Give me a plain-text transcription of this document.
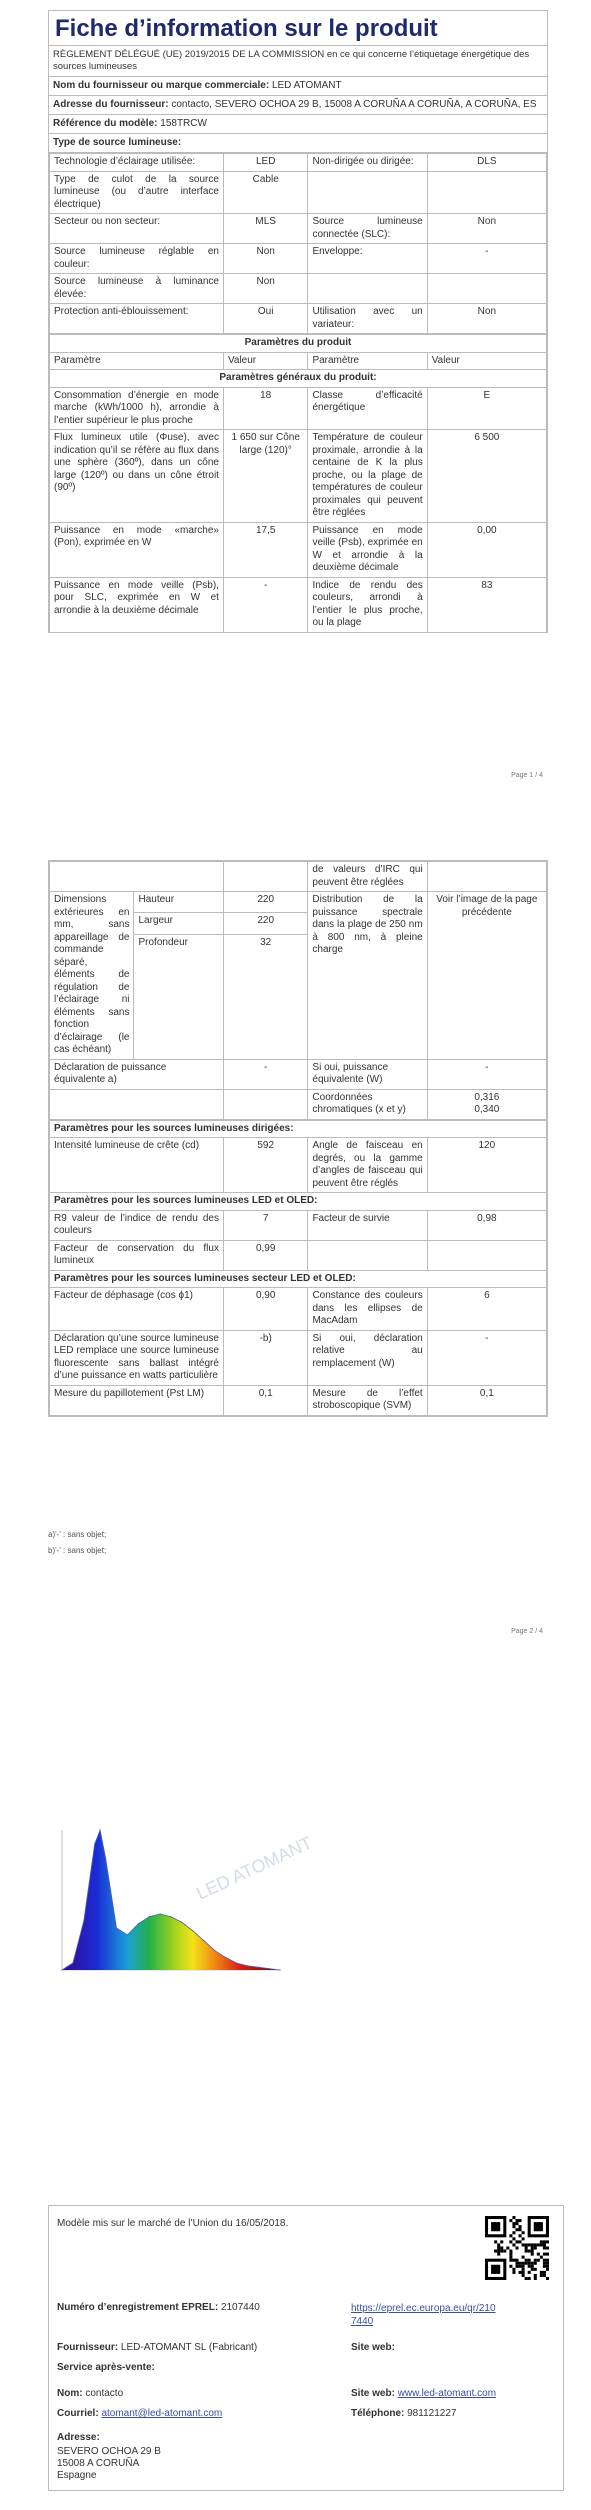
Fiche d’information sur le produit
RÈGLEMENT DÉLÉGUÉ (UE) 2019/2015 DE LA COMMISSION en ce qui concerne l’étiquetage énergétique des sources lumineuses
Nom du fournisseur ou marque commerciale: LED ATOMANT
Adresse du fournisseur: contacto, SEVERO OCHOA 29 B, 15008 A CORUÑA A CORUÑA, A CORUÑA, ES
Référence du modèle: 158TRCW
Type de source lumineuse:
Technologie d’éclairage utilisée:	LED	Non-dirigée ou dirigée:	DLS
Type de culot de la source lumineuse (ou d’autre interface électrique)	Cable		
Secteur ou non secteur:	MLS	Source lumineuse connectée (SLC):	Non
Source lumineuse réglable en couleur:	Non	Enveloppe:	-
Source lumineuse à luminance élevée:	Non		
Protection anti-éblouissement:	Oui	Utilisation avec un variateur:	Non
Paramètres du produit			
Paramètre	Valeur	Paramètre	Valeur
Paramètres généraux du produit:			
Consommation d’énergie en mode marche (kWh/1000 h), arrondie à l’entier supérieur le plus proche	18	Classe d’efficacité énergétique	E
Flux lumineux utile (Φuse), avec indication qu’il se réfère au flux dans une sphère (360º), dans un cône large (120º) ou dans un cône étroit (90º)	1 650 sur Cône large (120)°	Température de couleur proximale, arrondie à la centaine de K la plus proche, ou la plage de températures de couleur proximales qui peuvent être réglées	6 500
Puissance en mode «marche» (Pon), exprimée en W	17,5	Puissance en mode veille (Psb), exprimée en W et arrondie à la deuxième décimale	0,00
Puissance en mode veille (Psb), pour SLC, exprimée en W et arrondie à la deuxième décimale	-	Indice de rendu des couleurs, arrondi à l’entier le plus proche, ou la plage	83
Page 1 / 4
			de valeurs d’IRC qui peuvent être réglées	
Dimensions extérieures en mm, sans appareillage de commande séparé, éléments de régulation de l’éclairage ni éléments sans fonction d’éclairage (le cas échéant)	Hauteur	220	Distribution de la puissance spectrale dans la plage de 250 nm à 800 nm, à pleine charge	Voir l’image de la page précédente
	Largeur	220		
	Profondeur	32		
Déclaration de puissance équivalente a)		-	Si oui, puissance équivalente (W)	-
			Coordonnées chromatiques (x et y)	0,316
0,340
Paramètres pour les sources lumineuses dirigées:			
Intensité lumineuse de crête (cd)	592	Angle de faisceau en degrés, ou la gamme d’angles de faisceau qui peuvent être réglés	120
Paramètres pour les sources lumineuses LED et OLED:			
R9 valeur de l’indice de rendu des couleurs	7	Facteur de survie	0,98
Facteur de conservation du flux lumineux	0,99		
Paramètres pour les sources lumineuses secteur LED et OLED:			
Facteur de déphasage (cos ϕ1)	0,90	Constance des couleurs dans les ellipses de MacAdam	6
Déclaration qu’une source lumineuse LED remplace une source lumineuse fluorescente sans ballast intégré d’une puissance en watts particulière	-b)	Si oui, déclaration relative au remplacement (W)	-
Mesure du papillotement (Pst LM)	0,1	Mesure de l’effet stroboscopique (SVM)	0,1
a)'-' : sans objet;
b)'-' : sans objet;
Page 2 / 4
LED ATOMANT
Modèle mis sur le marché de l’Union du 16/05/2018.
Numéro d’enregistrement EPREL: 2107440	https://eprel.ec.europa.eu/qr/2107440
Fournisseur: LED-ATOMANT SL (Fabricant)	Site web:
Service après-vente:
Nom: contacto	Site web: www.led-atomant.com
Courriel: atomant@led-atomant.com	Téléphone: 981121227
Adresse:
SEVERO OCHOA 29 B
15008 A CORUÑA
Espagne
